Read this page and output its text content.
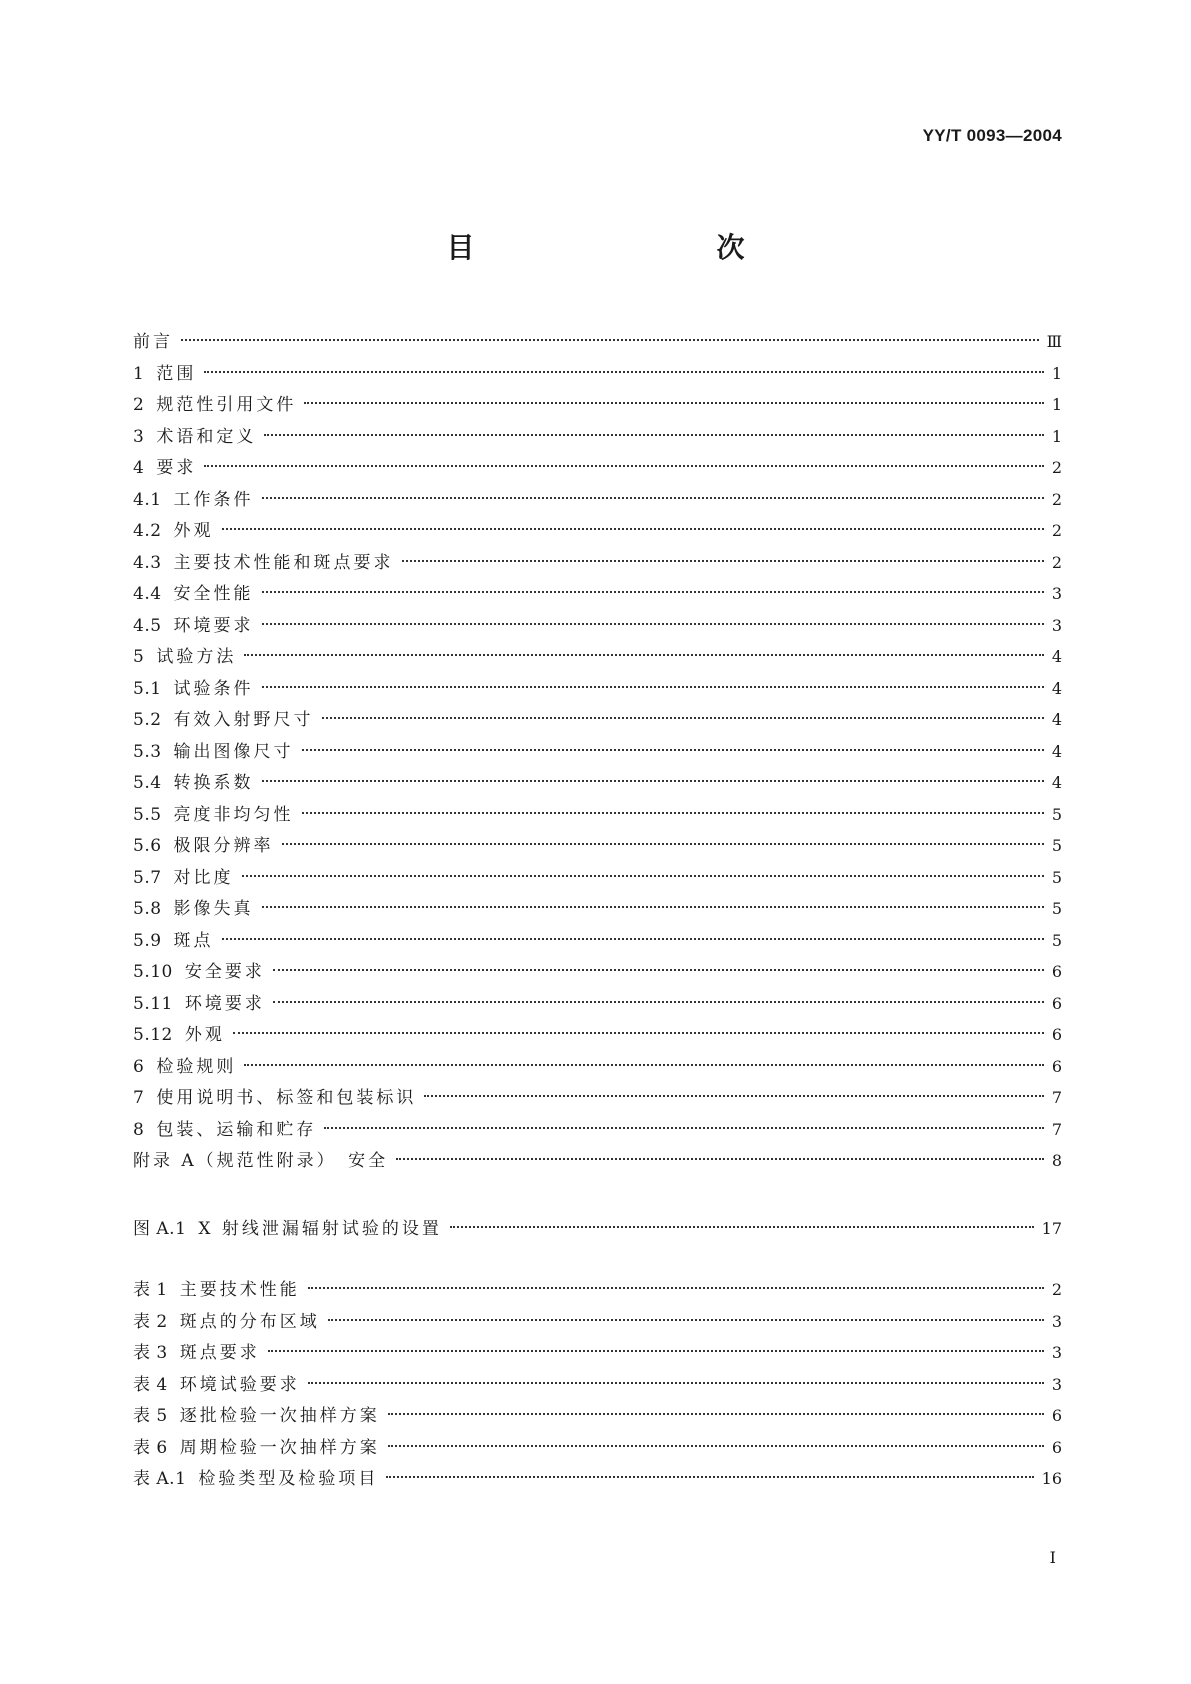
YY/T 0093—2004
目　　次
前言	Ⅲ
1 范围	1
2 规范性引用文件	1
3 术语和定义	1
4 要求	2
4.1 工作条件	2
4.2 外观	2
4.3 主要技术性能和斑点要求	2
4.4 安全性能	3
4.5 环境要求	3
5 试验方法	4
5.1 试验条件	4
5.2 有效入射野尺寸	4
5.3 输出图像尺寸	4
5.4 转换系数	4
5.5 亮度非均匀性	5
5.6 极限分辨率	5
5.7 对比度	5
5.8 影像失真	5
5.9 斑点	5
5.10 安全要求	6
5.11 环境要求	6
5.12 外观	6
6 检验规则	6
7 使用说明书、标签和包装标识	7
8 包装、运输和贮存	7
附录 A（规范性附录）　安全	8
图 A.1 X 射线泄漏辐射试验的设置	17
表 1 主要技术性能	2
表 2 斑点的分布区域	3
表 3 斑点要求	3
表 4 环境试验要求	3
表 5 逐批检验一次抽样方案	6
表 6 周期检验一次抽样方案	6
表 A.1 检验类型及检验项目	16
I
